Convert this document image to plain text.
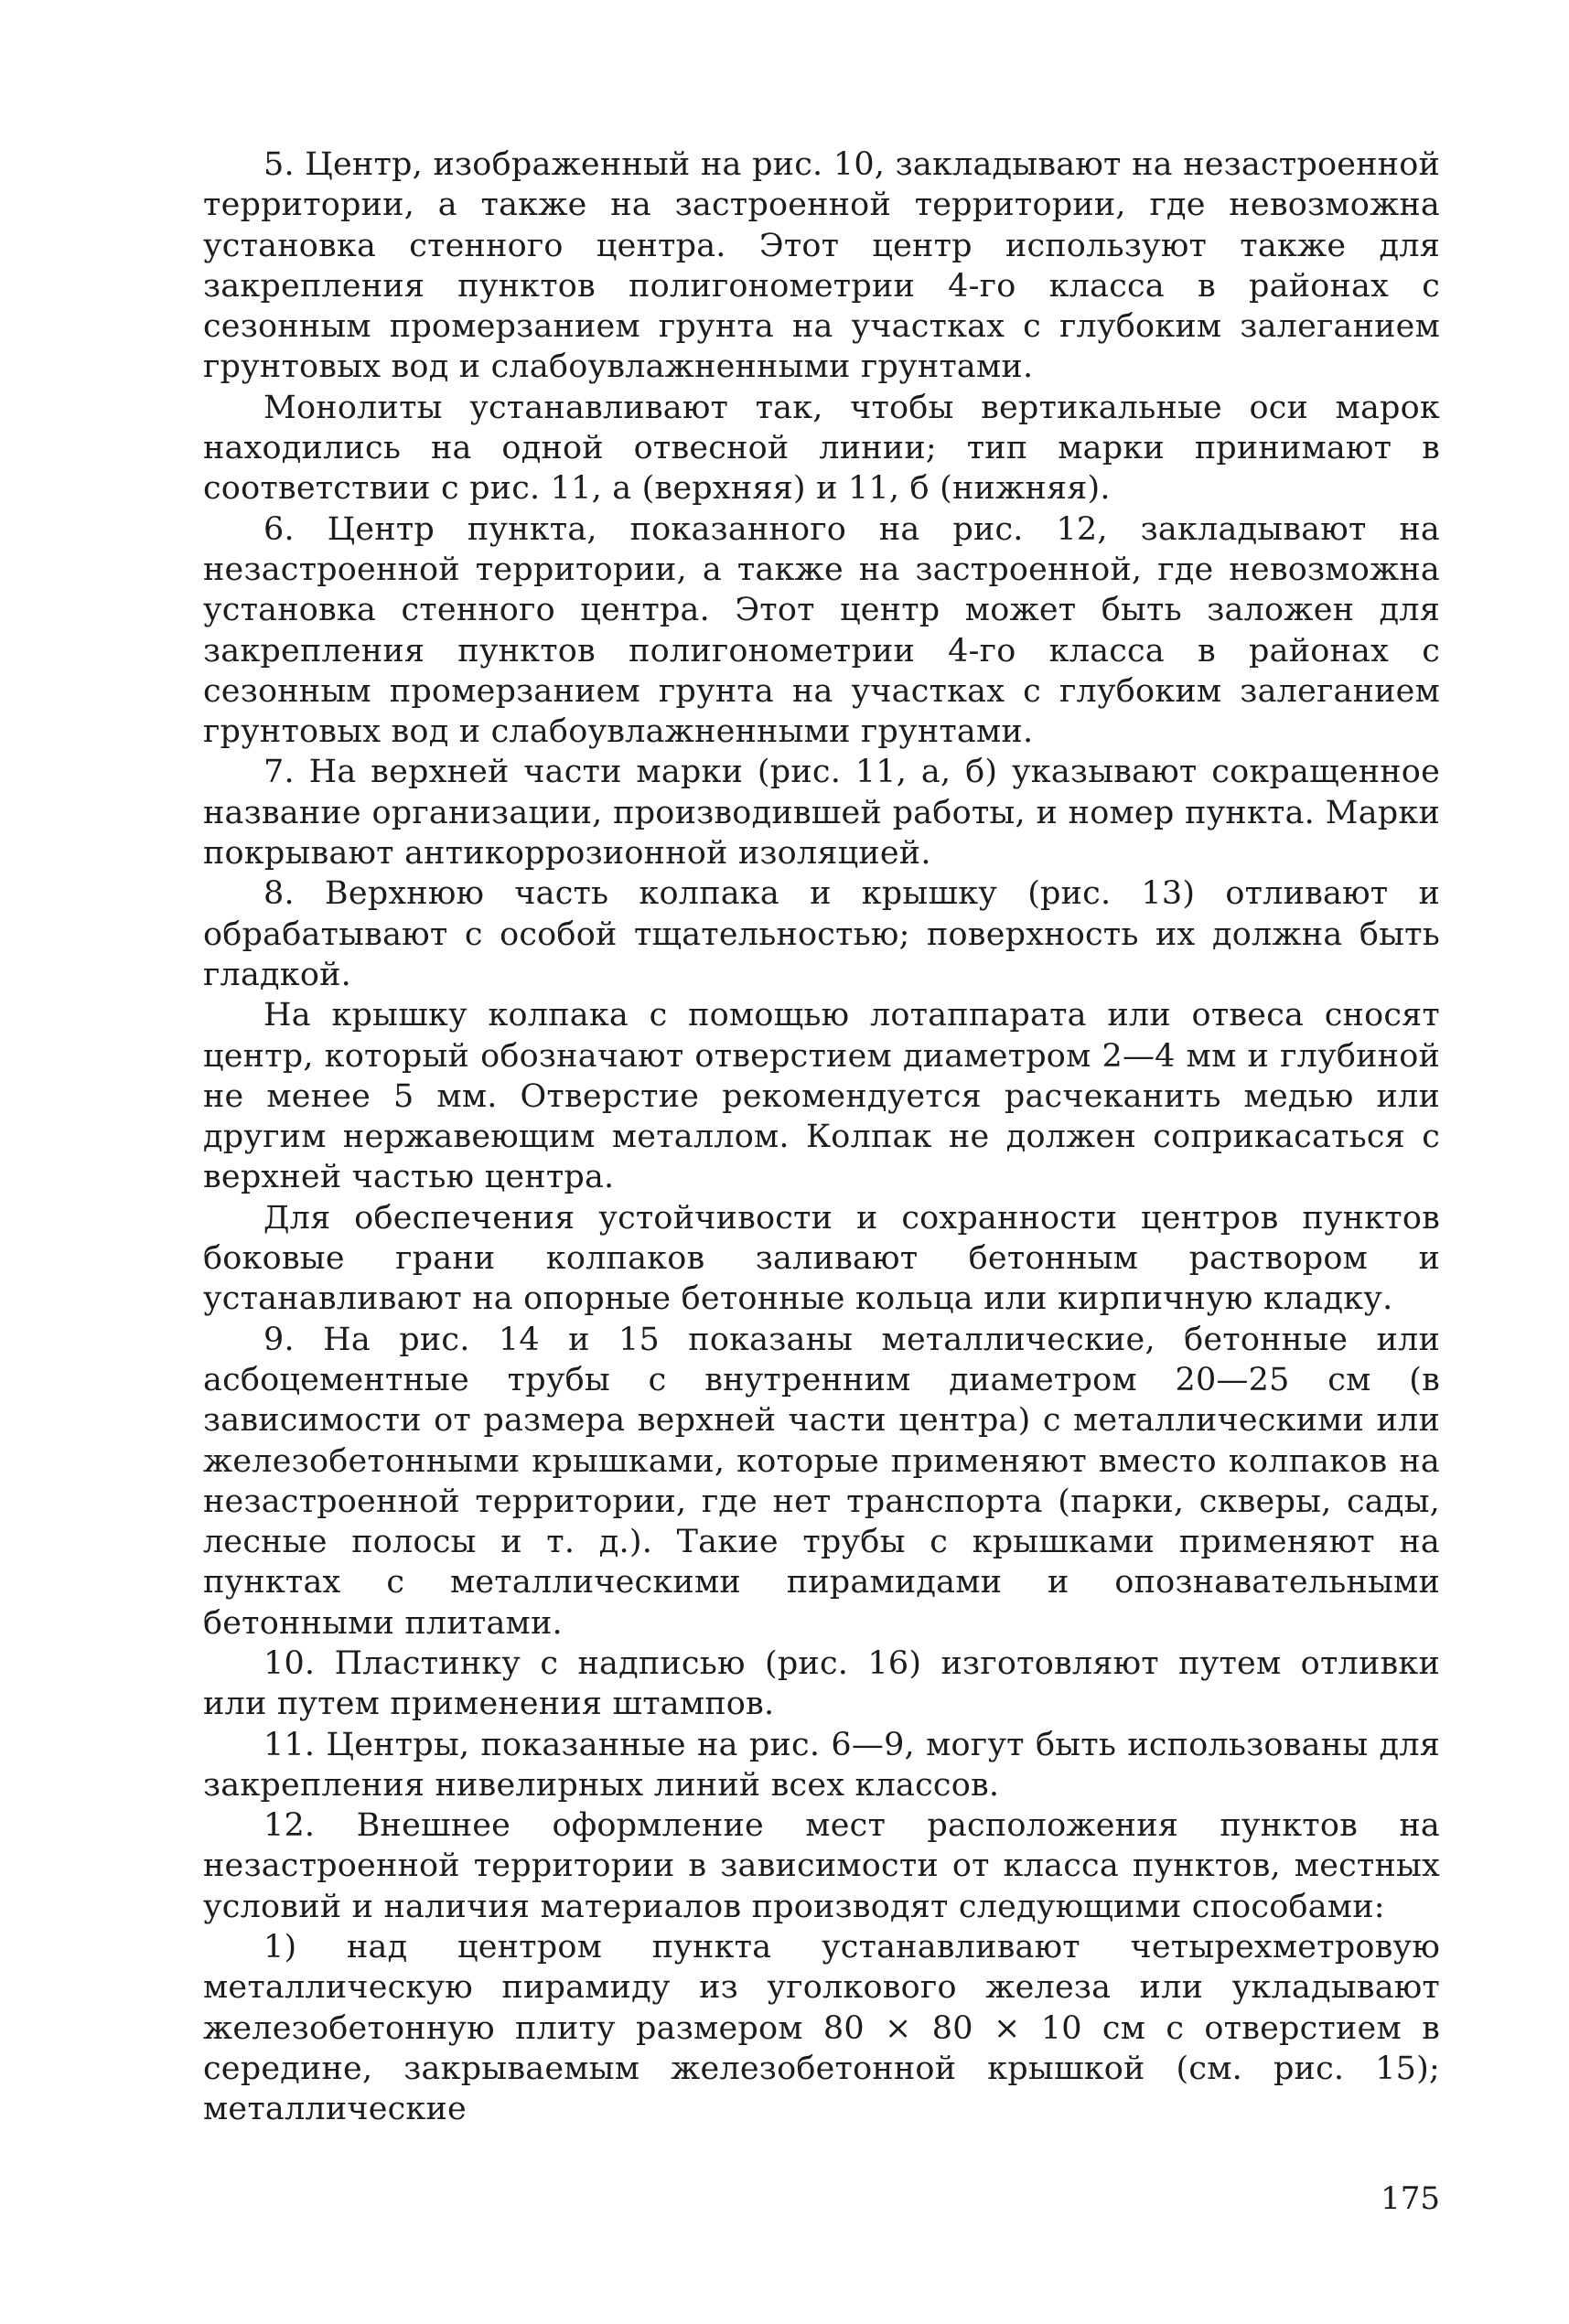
5. Центр, изображенный на рис. 10, закладывают на незастроенной территории, а также на застроенной территории, где невозможна установка стенного центра. Этот центр используют также для закрепления пунктов полигонометрии 4-го класса в районах с сезонным промерзанием грунта на участках с глубоким залеганием грунтовых вод и слабоувлажненными грунтами.

Монолиты устанавливают так, чтобы вертикальные оси марок находились на одной отвесной линии; тип марки принимают в соответствии с рис. 11, а (верхняя) и 11, б (нижняя).

6. Центр пункта, показанного на рис. 12, закладывают на незастроенной территории, а также на застроенной, где невозможна установка стенного центра. Этот центр может быть заложен для закрепления пунктов полигонометрии 4-го класса в районах с сезонным промерзанием грунта на участках с глубоким залеганием грунтовых вод и слабоувлажненными грунтами.

7. На верхней части марки (рис. 11, а, б) указывают сокращенное название организации, производившей работы, и номер пункта. Марки покрывают антикоррозионной изоляцией.

8. Верхнюю часть колпака и крышку (рис. 13) отливают и обрабатывают с особой тщательностью; поверхность их должна быть гладкой.

На крышку колпака с помощью лотаппарата или отвеса сносят центр, который обозначают отверстием диаметром 2—4 мм и глубиной не менее 5 мм. Отверстие рекомендуется расчеканить медью или другим нержавеющим металлом. Колпак не должен соприкасаться с верхней частью центра.

Для обеспечения устойчивости и сохранности центров пунктов боковые грани колпаков заливают бетонным раствором и устанавливают на опорные бетонные кольца или кирпичную кладку.

9. На рис. 14 и 15 показаны металлические, бетонные или асбоцементные трубы с внутренним диаметром 20—25 см (в зависимости от размера верхней части центра) с металлическими или железобетонными крышками, которые применяют вместо колпаков на незастроенной территории, где нет транспорта (парки, скверы, сады, лесные полосы и т. д.). Такие трубы с крышками применяют на пунктах с металлическими пирамидами и опознавательными бетонными плитами.

10. Пластинку с надписью (рис. 16) изготовляют путем отливки или путем применения штампов.

11. Центры, показанные на рис. 6—9, могут быть использованы для закрепления нивелирных линий всех классов.

12. Внешнее оформление мест расположения пунктов на незастроенной территории в зависимости от класса пунктов, местных условий и наличия материалов производят следующими способами:

1) над центром пункта устанавливают четырехметровую металлическую пирамиду из уголкового железа или укладывают железобетонную плиту размером 80 × 80 × 10 см с отверстием в середине, закрываемым железобетонной крышкой (см. рис. 15); металлические

175
